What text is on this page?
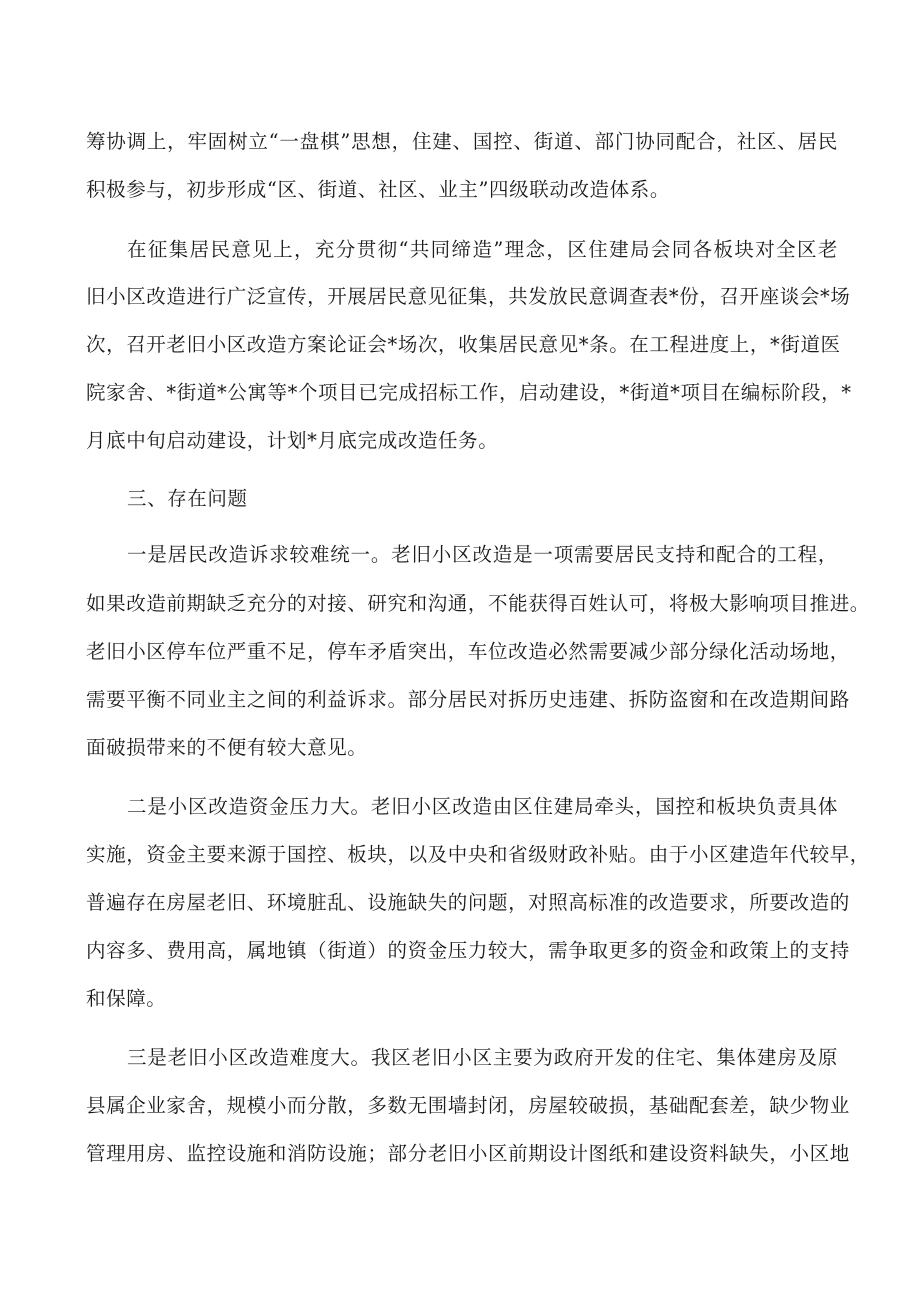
筹协调上，牢固树立“一盘棋”思想，住建、国控、街道、部门协同配合，社区、居民
积极参与，初步形成“区、街道、社区、业主”四级联动改造体系。
在征集居民意见上，充分贯彻“共同缔造”理念，区住建局会同各板块对全区老
旧小区改造进行广泛宣传，开展居民意见征集，共发放民意调查表*份，召开座谈会*场
次，召开老旧小区改造方案论证会*场次，收集居民意见*条。在工程进度上，*街道医
院家舍、*街道*公寓等*个项目已完成招标工作，启动建设，*街道*项目在编标阶段，*
月底中旬启动建设，计划*月底完成改造任务。
三、存在问题
一是居民改造诉求较难统一。老旧小区改造是一项需要居民支持和配合的工程，
如果改造前期缺乏充分的对接、研究和沟通，不能获得百姓认可，将极大影响项目推进。
老旧小区停车位严重不足，停车矛盾突出，车位改造必然需要减少部分绿化活动场地，
需要平衡不同业主之间的利益诉求。部分居民对拆历史违建、拆防盗窗和在改造期间路
面破损带来的不便有较大意见。
二是小区改造资金压力大。老旧小区改造由区住建局牵头，国控和板块负责具体
实施，资金主要来源于国控、板块，以及中央和省级财政补贴。由于小区建造年代较早，
普遍存在房屋老旧、环境脏乱、设施缺失的问题，对照高标准的改造要求，所要改造的
内容多、费用高，属地镇（街道）的资金压力较大，需争取更多的资金和政策上的支持
和保障。
三是老旧小区改造难度大。我区老旧小区主要为政府开发的住宅、集体建房及原
县属企业家舍，规模小而分散，多数无围墙封闭，房屋较破损，基础配套差，缺少物业
管理用房、监控设施和消防设施；部分老旧小区前期设计图纸和建设资料缺失，小区地
